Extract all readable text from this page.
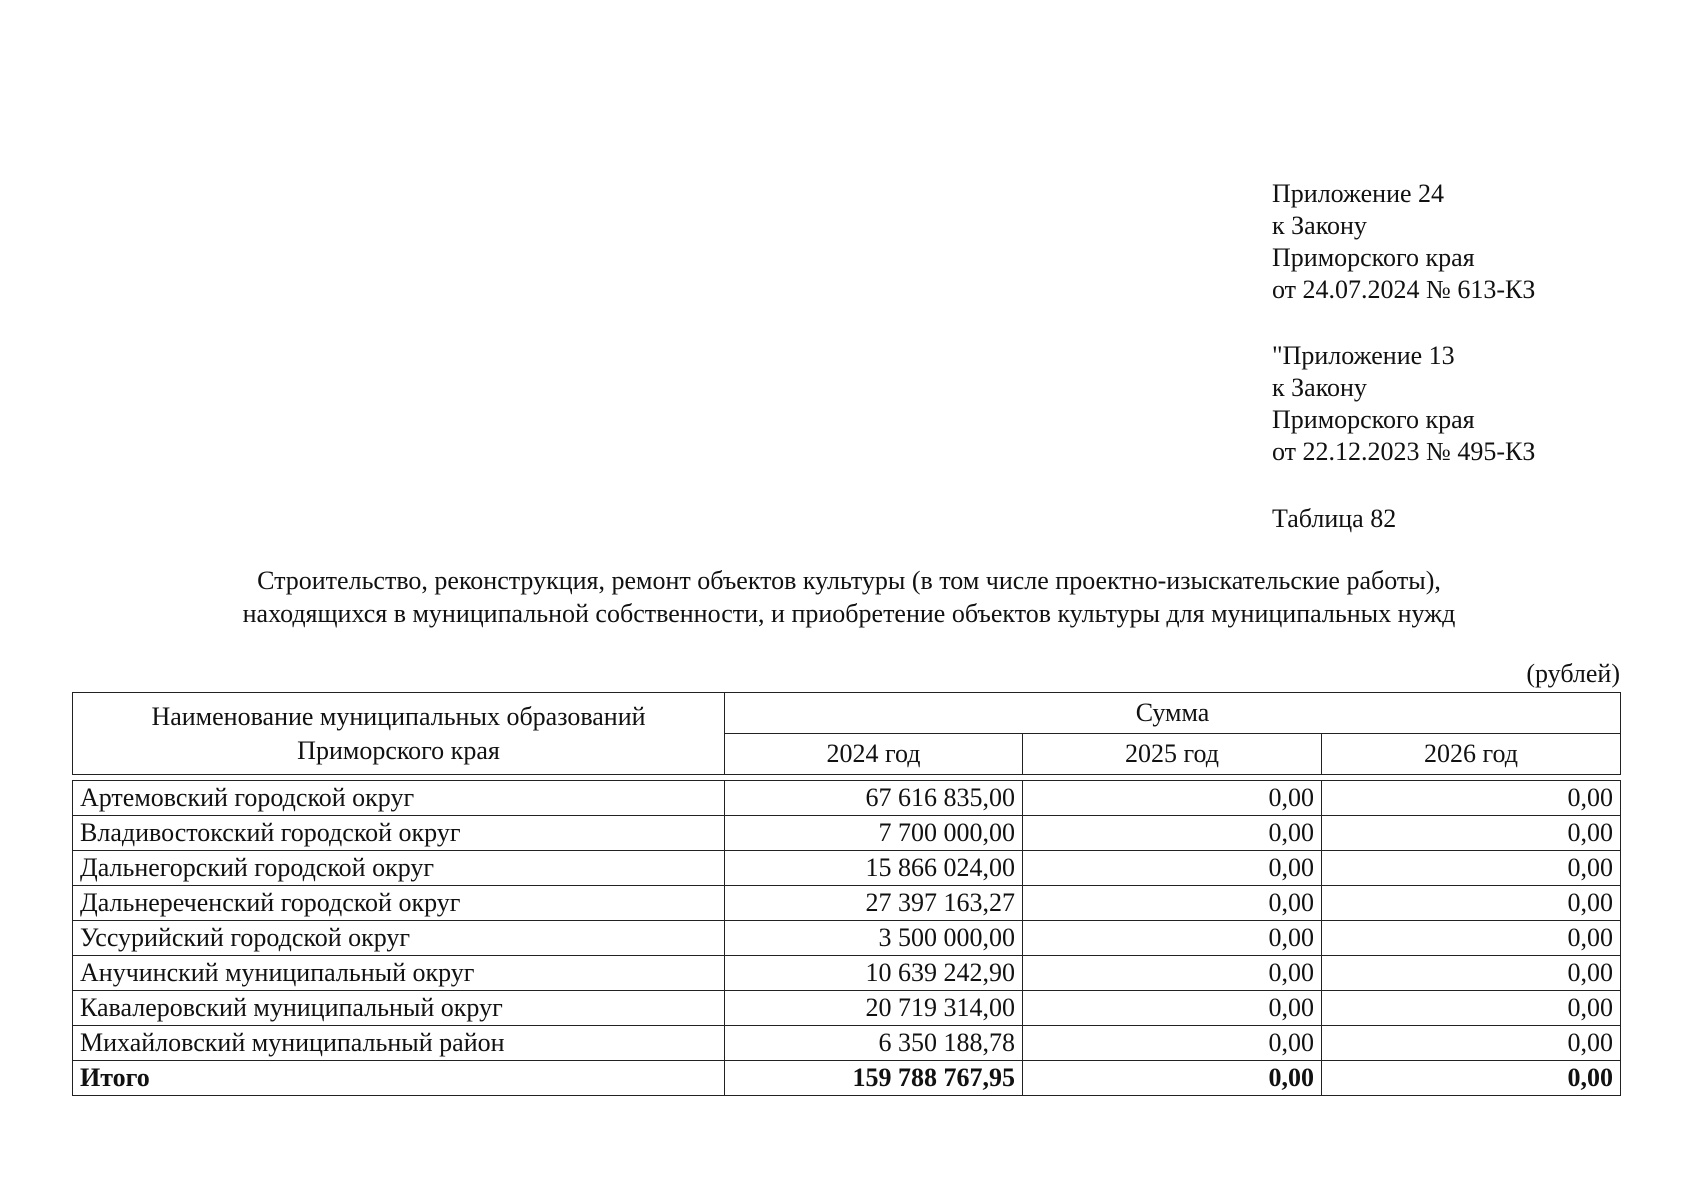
Приложение 24
к Закону
Приморского края
от 24.07.2024 № 613-КЗ
"Приложение 13
к Закону
Приморского края
от 22.12.2023 № 495-КЗ
Таблица 82
Строительство, реконструкция, ремонт объектов культуры (в том числе проектно-изыскательские работы),
находящихся в муниципальной собственности, и приобретение объектов культуры для муниципальных нужд
(рублей)
Наименование муниципальных образований
Приморского края	Сумма		
	2024 год	2025 год	2026 год

Артемовский городской округ	67 616 835,00	0,00	0,00
Владивостокский городской округ	7 700 000,00	0,00	0,00
Дальнегорский городской округ	15 866 024,00	0,00	0,00
Дальнереченский городской округ	27 397 163,27	0,00	0,00
Уссурийский городской округ	3 500 000,00	0,00	0,00
Анучинский муниципальный округ	10 639 242,90	0,00	0,00
Кавалеровский муниципальный округ	20 719 314,00	0,00	0,00
Михайловский муниципальный район	6 350 188,78	0,00	0,00
Итого	159 788 767,95	0,00	0,00
